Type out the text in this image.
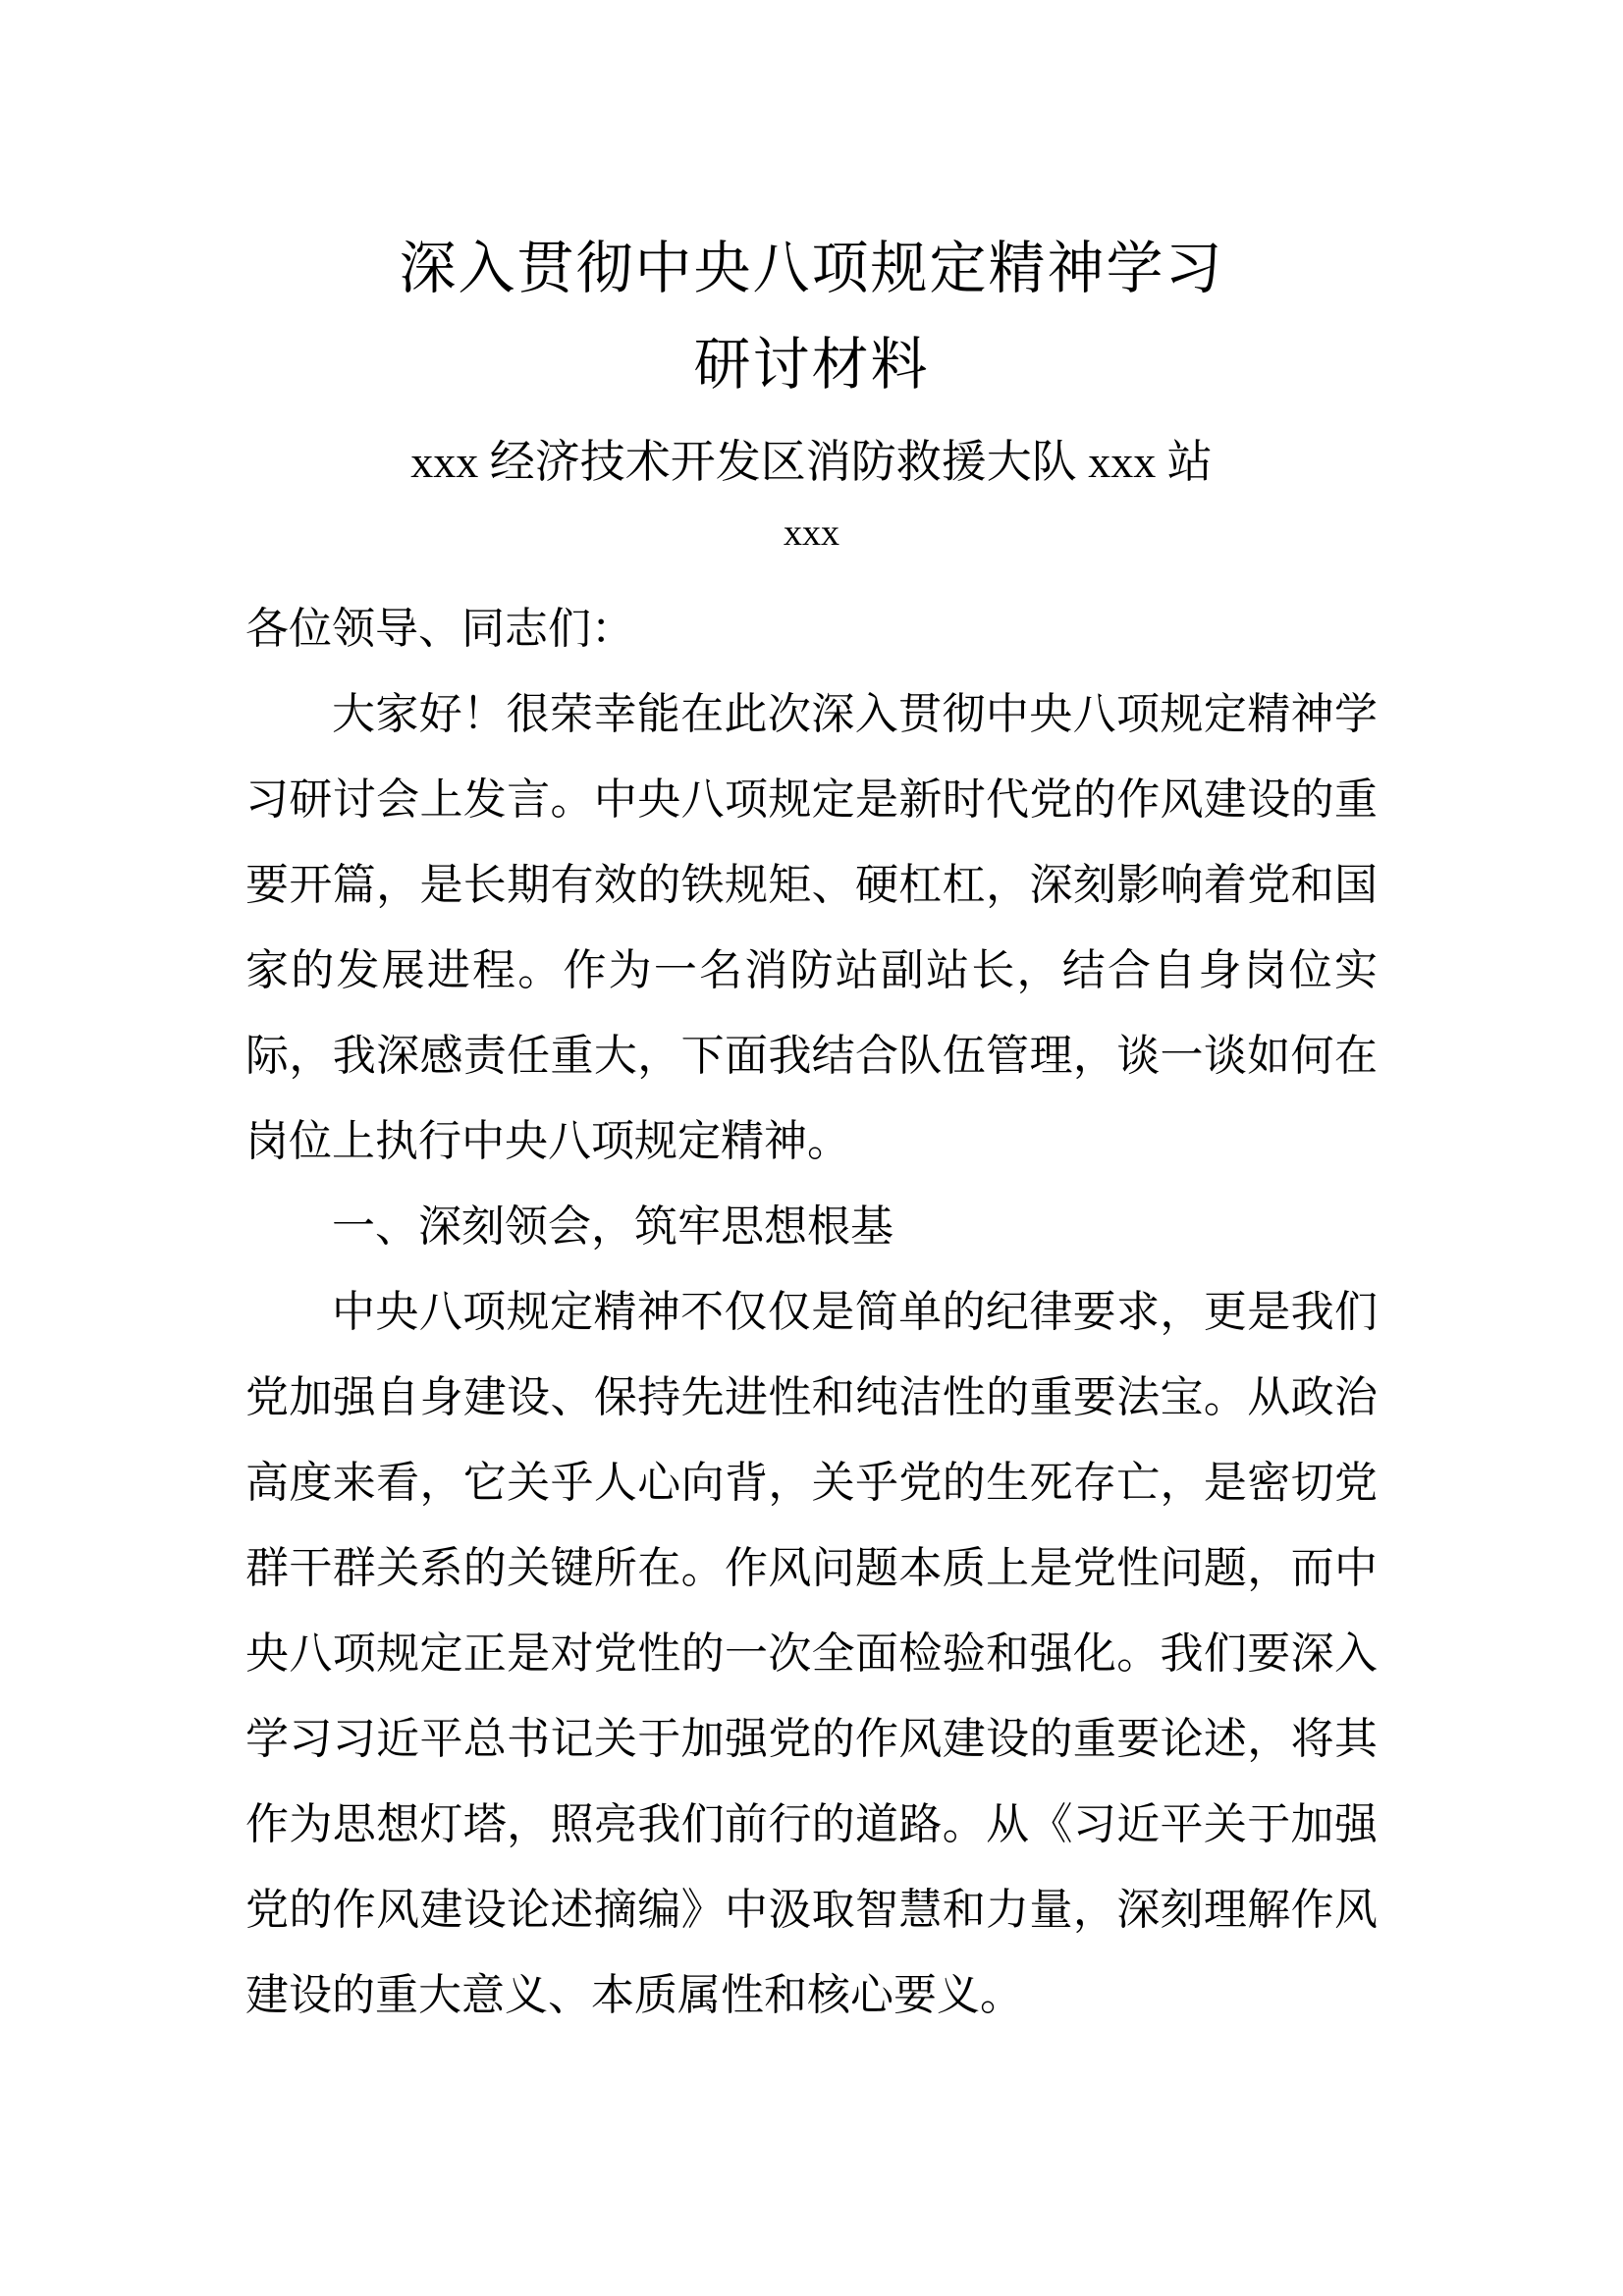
深入贯彻中央八项规定精神学习
研讨材料
xxx 经济技术开发区消防救援大队 xxx 站
xxx

各位领导、同志们：

大家好！很荣幸能在此次深入贯彻中央八项规定精神学习研讨会上发言。中央八项规定是新时代党的作风建设的重要开篇，是长期有效的铁规矩、硬杠杠，深刻影响着党和国家的发展进程。作为一名消防站副站长，结合自身岗位实际，我深感责任重大，下面我结合队伍管理，谈一谈如何在岗位上执行中央八项规定精神。

一、深刻领会，筑牢思想根基

中央八项规定精神不仅仅是简单的纪律要求，更是我们党加强自身建设、保持先进性和纯洁性的重要法宝。从政治高度来看，它关乎人心向背，关乎党的生死存亡，是密切党群干群关系的关键所在。作风问题本质上是党性问题，而中央八项规定正是对党性的一次全面检验和强化。我们要深入学习习近平总书记关于加强党的作风建设的重要论述，将其作为思想灯塔，照亮我们前行的道路。从《习近平关于加强党的作风建设论述摘编》中汲取智慧和力量，深刻理解作风建设的重大意义、本质属性和核心要义。
